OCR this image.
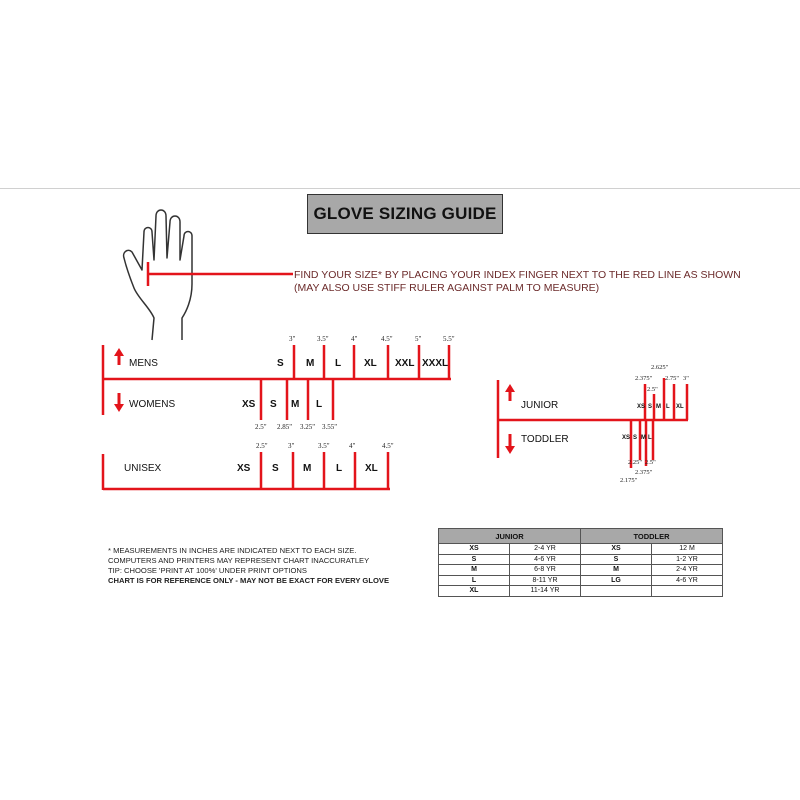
GLOVE SIZING GUIDE
FIND YOUR SIZE* BY PLACING YOUR INDEX FINGER NEXT TO THE RED LINE AS SHOWN
(MAY ALSO USE STIFF RULER AGAINST PALM TO MEASURE)
MENS
WOMENS
S M L XL XXL XXXL
3"	3.5"	4"	4.5"	5"	5.5"
XS S M L
2.5" 2.85" 3.25" 3.55"
UNISEX	XS S M L XL
2.5"	3"	3.5"	4"	4.5"
JUNIOR
TODDLER
XS S M L XL
2.375"
2.5"
2.625"
2.75" 3"
XS S M L
2.175"
2.25"
2.375"
2.5"
* MEASUREMENTS IN INCHES ARE INDICATED NEXT TO EACH SIZE.
COMPUTERS AND PRINTERS MAY REPRESENT CHART INACCURATLEY
TIP: CHOOSE 'PRINT AT 100%' UNDER PRINT OPTIONS
CHART IS FOR REFERENCE ONLY - MAY NOT BE EXACT FOR EVERY GLOVE
JUNIOR		TODDLER	
XS	2-4 YR	XS	12 M
S	4-6 YR	S	1-2 YR
M	6-8 YR	M	2-4 YR
L	8-11 YR	LG	4-6 YR
XL	11-14 YR		
